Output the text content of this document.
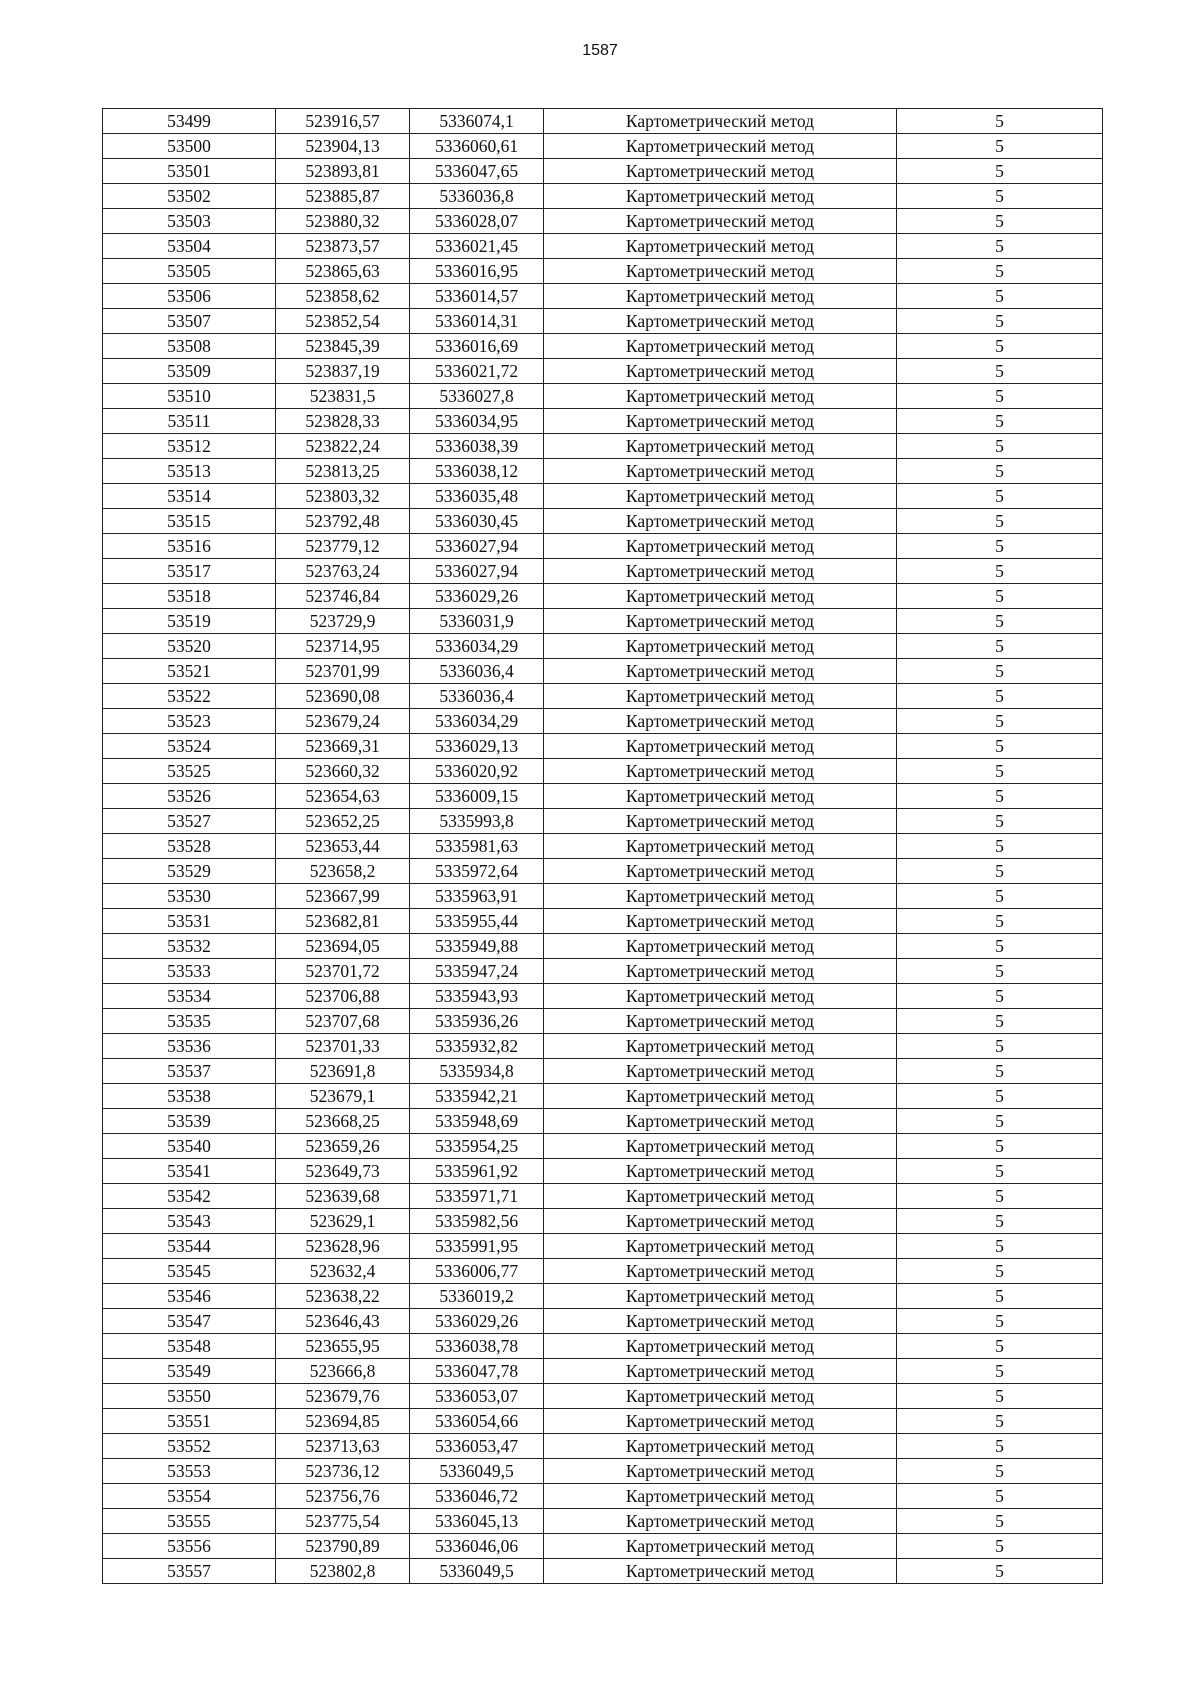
1587
53499	523916,57	5336074,1	Картометрический метод	5
53500	523904,13	5336060,61	Картометрический метод	5
53501	523893,81	5336047,65	Картометрический метод	5
53502	523885,87	5336036,8	Картометрический метод	5
53503	523880,32	5336028,07	Картометрический метод	5
53504	523873,57	5336021,45	Картометрический метод	5
53505	523865,63	5336016,95	Картометрический метод	5
53506	523858,62	5336014,57	Картометрический метод	5
53507	523852,54	5336014,31	Картометрический метод	5
53508	523845,39	5336016,69	Картометрический метод	5
53509	523837,19	5336021,72	Картометрический метод	5
53510	523831,5	5336027,8	Картометрический метод	5
53511	523828,33	5336034,95	Картометрический метод	5
53512	523822,24	5336038,39	Картометрический метод	5
53513	523813,25	5336038,12	Картометрический метод	5
53514	523803,32	5336035,48	Картометрический метод	5
53515	523792,48	5336030,45	Картометрический метод	5
53516	523779,12	5336027,94	Картометрический метод	5
53517	523763,24	5336027,94	Картометрический метод	5
53518	523746,84	5336029,26	Картометрический метод	5
53519	523729,9	5336031,9	Картометрический метод	5
53520	523714,95	5336034,29	Картометрический метод	5
53521	523701,99	5336036,4	Картометрический метод	5
53522	523690,08	5336036,4	Картометрический метод	5
53523	523679,24	5336034,29	Картометрический метод	5
53524	523669,31	5336029,13	Картометрический метод	5
53525	523660,32	5336020,92	Картометрический метод	5
53526	523654,63	5336009,15	Картометрический метод	5
53527	523652,25	5335993,8	Картометрический метод	5
53528	523653,44	5335981,63	Картометрический метод	5
53529	523658,2	5335972,64	Картометрический метод	5
53530	523667,99	5335963,91	Картометрический метод	5
53531	523682,81	5335955,44	Картометрический метод	5
53532	523694,05	5335949,88	Картометрический метод	5
53533	523701,72	5335947,24	Картометрический метод	5
53534	523706,88	5335943,93	Картометрический метод	5
53535	523707,68	5335936,26	Картометрический метод	5
53536	523701,33	5335932,82	Картометрический метод	5
53537	523691,8	5335934,8	Картометрический метод	5
53538	523679,1	5335942,21	Картометрический метод	5
53539	523668,25	5335948,69	Картометрический метод	5
53540	523659,26	5335954,25	Картометрический метод	5
53541	523649,73	5335961,92	Картометрический метод	5
53542	523639,68	5335971,71	Картометрический метод	5
53543	523629,1	5335982,56	Картометрический метод	5
53544	523628,96	5335991,95	Картометрический метод	5
53545	523632,4	5336006,77	Картометрический метод	5
53546	523638,22	5336019,2	Картометрический метод	5
53547	523646,43	5336029,26	Картометрический метод	5
53548	523655,95	5336038,78	Картометрический метод	5
53549	523666,8	5336047,78	Картометрический метод	5
53550	523679,76	5336053,07	Картометрический метод	5
53551	523694,85	5336054,66	Картометрический метод	5
53552	523713,63	5336053,47	Картометрический метод	5
53553	523736,12	5336049,5	Картометрический метод	5
53554	523756,76	5336046,72	Картометрический метод	5
53555	523775,54	5336045,13	Картометрический метод	5
53556	523790,89	5336046,06	Картометрический метод	5
53557	523802,8	5336049,5	Картометрический метод	5
